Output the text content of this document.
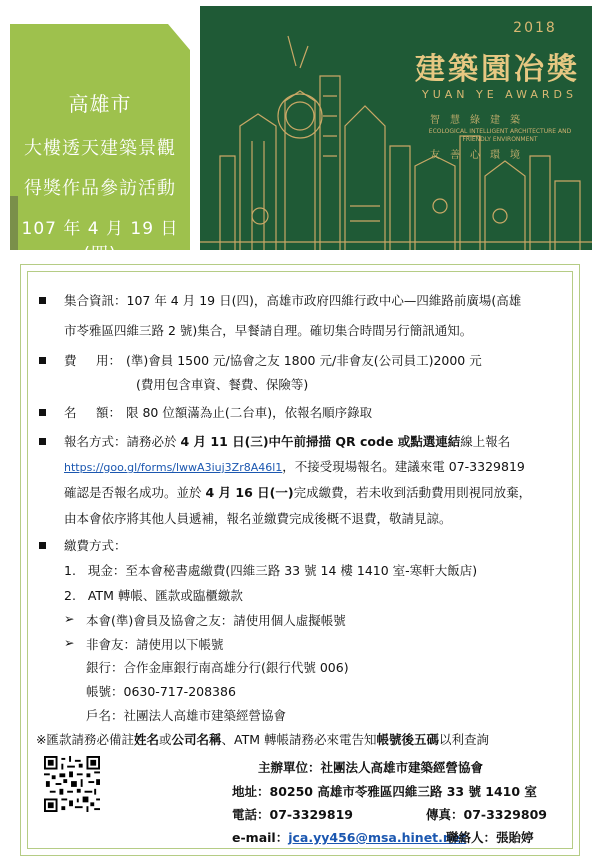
高雄市
大樓透天建築景觀
得獎作品參訪活動
107 年 4 月 19 日(四)
2018
建築園冶獎
YUAN YE AWARDS
智慧綠建築
ECOLOGICAL INTELLIGENT ARCHITECTURE AND FRIENDLY ENVIRONMENT
友善心環境
集合資訊：107 年 4 月 19 日(四)，高雄市政府四維行政中心—四維路前廣場(高雄
市苓雅區四維三路 2 號)集合，早餐請自理。確切集合時間另行簡訊通知。
費 用： (準)會員 1500 元/協會之友 1800 元/非會友(公司員工)2000 元
(費用包含車資、餐費、保險等)
名 額： 限 80 位額滿為止(二台車)，依報名順序錄取
報名方式：請務必於 4 月 11 日(三)中午前掃描 QR code 或點選連結線上報名
https://goo.gl/forms/lwwA3iuj3Zr8A46l1，不接受現場報名。建議來電 07-3329819
確認是否報名成功。並於 4 月 16 日(一)完成繳費，若未收到活動費用則視同放棄，
由本會依序將其他人員遞補，報名並繳費完成後概不退費，敬請見諒。
繳費方式：
1.   現金：至本會秘書處繳費(四維三路 33 號 14 樓 1410 室-寒軒大飯店)
2.   ATM 轉帳、匯款或臨櫃繳款
➢ 本會(準)會員及協會之友：請使用個人虛擬帳號
➢ 非會友：請使用以下帳號
銀行：合作金庫銀行南高雄分行(銀行代號 006)
帳號：0630-717-208386
戶名：社團法人高雄市建築經營協會
※匯款請務必備註姓名或公司名稱、ATM 轉帳請務必來電告知帳號後五碼以利查詢
主辦單位：社團法人高雄市建築經營協會
地址：80250 高雄市苓雅區四維三路 33 號 1410 室
電話：07-3329819	傳真：07-3329809
e-mail：jca.yy456@msa.hinet.net
聯絡人：張貽婷
